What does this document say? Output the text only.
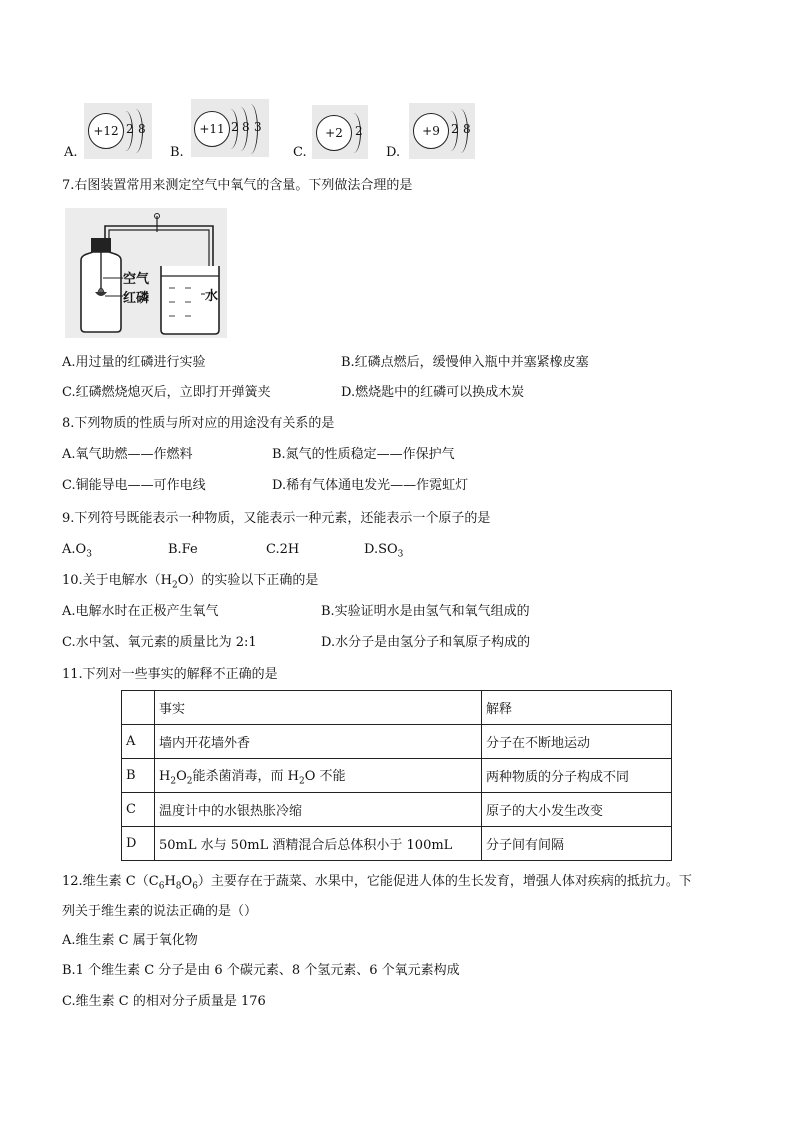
A.
+12 2 8
B.
+11 2 8 3
C.
+2	2
D.
+9 2 8
7.右图装置常用来测定空气中氧气的含量。下列做法合理的是
空气
红磷	水
A.用过量的红磷进行实验	B.红磷点燃后，缓慢伸入瓶中并塞紧橡皮塞
C.红磷燃烧熄灭后，立即打开弹簧夹	D.燃烧匙中的红磷可以换成木炭
8.下列物质的性质与所对应的用途没有关系的是
A.氧气助燃——作燃料	B.氮气的性质稳定——作保护气
C.铜能导电——可作电线	D.稀有气体通电发光——作霓虹灯
9.下列符号既能表示一种物质，又能表示一种元素，还能表示一个原子的是
$A.O_3$	B.Fe	C.2H	$D.SO_3$
10.关于电解水$(H_2O)$的实验以下正确的是
A.电解水时在正极产生氧气	B.实验证明水是由氢气和氧气组成的
C.水中氢、氧元素的质量比为 2:1	D.水分子是由氢分子和氧原子构成的
11.下列对一些事实的解释不正确的是
	事实	解释
A	墙内开花墙外香	分子在不断地运动
B	$H_2O_2$能杀菌消毒，而 $H_2O$ 不能	两种物质的分子构成不同
C	温度计中的水银热胀冷缩	原子的大小发生改变
D	50mL 水与 50mL 酒精混合后总体积小于 100mL	分子间有间隔
12.维生素 $C(C_6H_8O_6)$主要存在于蔬菜、水果中，它能促进人体的生长发育，增强人体对疾病的抵抗力。下
列关于维生素的说法正确的是（）
A.维生素 C 属于氧化物
B.1 个维生素 C 分子是由 6 个碳元素、8 个氢元素、6 个氧元素构成
C.维生素 C 的相对分子质量是 176
